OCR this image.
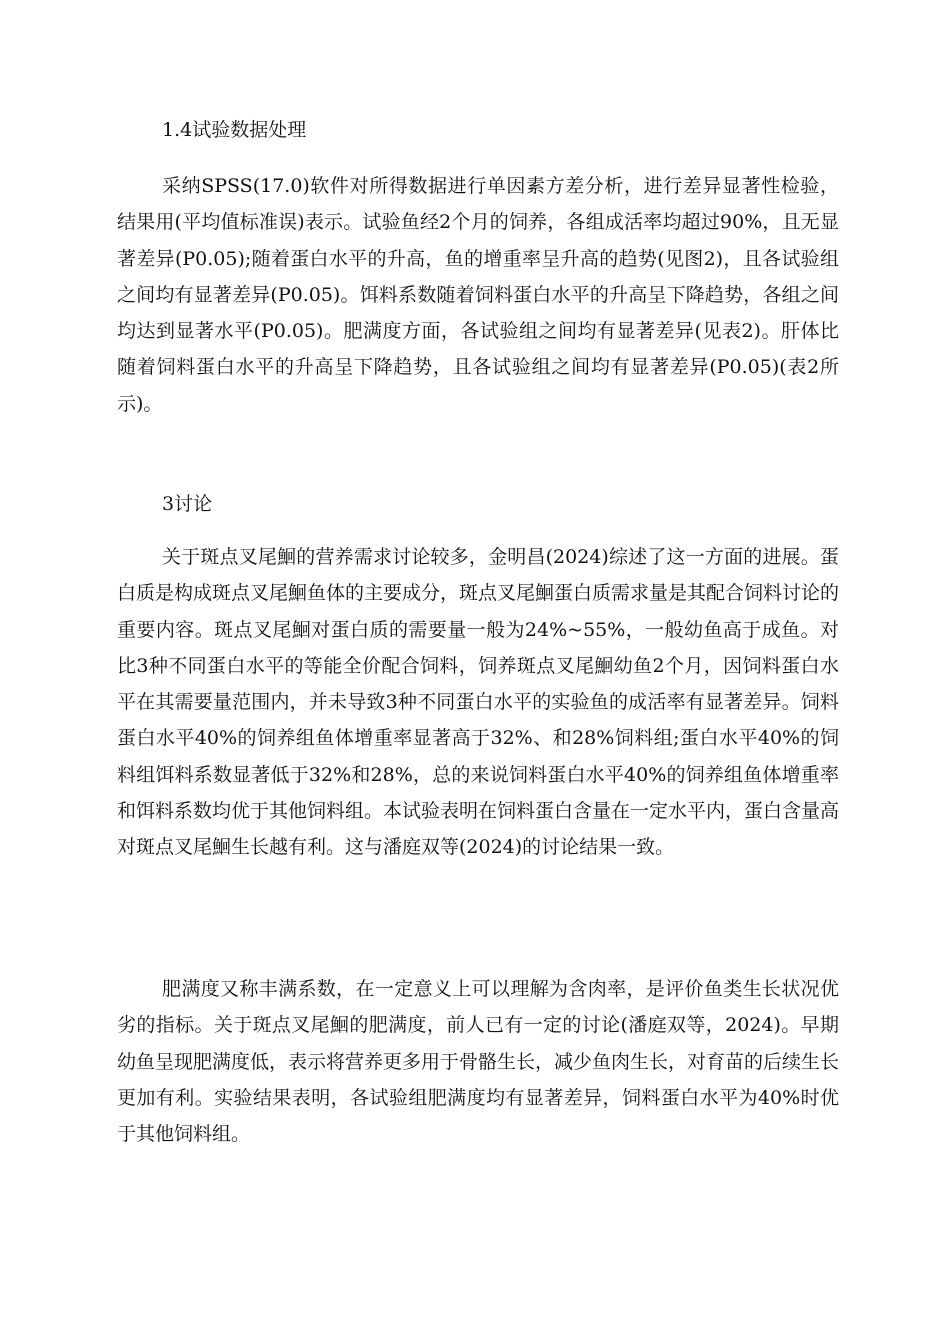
1.4试验数据处理

采纳SPSS(17.0)软件对所得数据进行单因素方差分析，进行差异显著性检验，结果用(平均值标准误)表示。试验鱼经2个月的饲养，各组成活率均超过90%，且无显著差异(P0.05);随着蛋白水平的升高，鱼的增重率呈升高的趋势(见图2)，且各试验组之间均有显著差异(P0.05)。饵料系数随着饲料蛋白水平的升高呈下降趋势，各组之间均达到显著水平(P0.05)。肥满度方面，各试验组之间均有显著差异(见表2)。肝体比随着饲料蛋白水平的升高呈下降趋势，且各试验组之间均有显著差异(P0.05)(表2所示)。

3讨论

关于斑点叉尾鮰的营养需求讨论较多，金明昌(2024)综述了这一方面的进展。蛋白质是构成斑点叉尾鮰鱼体的主要成分，斑点叉尾鮰蛋白质需求量是其配合饲料讨论的重要内容。斑点叉尾鮰对蛋白质的需要量一般为24%~55%，一般幼鱼高于成鱼。对比3种不同蛋白水平的等能全价配合饲料，饲养斑点叉尾鮰幼鱼2个月，因饲料蛋白水平在其需要量范围内，并未导致3种不同蛋白水平的实验鱼的成活率有显著差异。饲料蛋白水平40%的饲养组鱼体增重率显著高于32%、和28%饲料组;蛋白水平40%的饲料组饵料系数显著低于32%和28%，总的来说饲料蛋白水平40%的饲养组鱼体增重率和饵料系数均优于其他饲料组。本试验表明在饲料蛋白含量在一定水平内，蛋白含量高对斑点叉尾鮰生长越有利。这与潘庭双等(2024)的讨论结果一致。

肥满度又称丰满系数，在一定意义上可以理解为含肉率，是评价鱼类生长状况优劣的指标。关于斑点叉尾鮰的肥满度，前人已有一定的讨论(潘庭双等，2024)。早期幼鱼呈现肥满度低，表示将营养更多用于骨骼生长，减少鱼肉生长，对育苗的后续生长更加有利。实验结果表明，各试验组肥满度均有显著差异，饲料蛋白水平为40%时优于其他饲料组。
